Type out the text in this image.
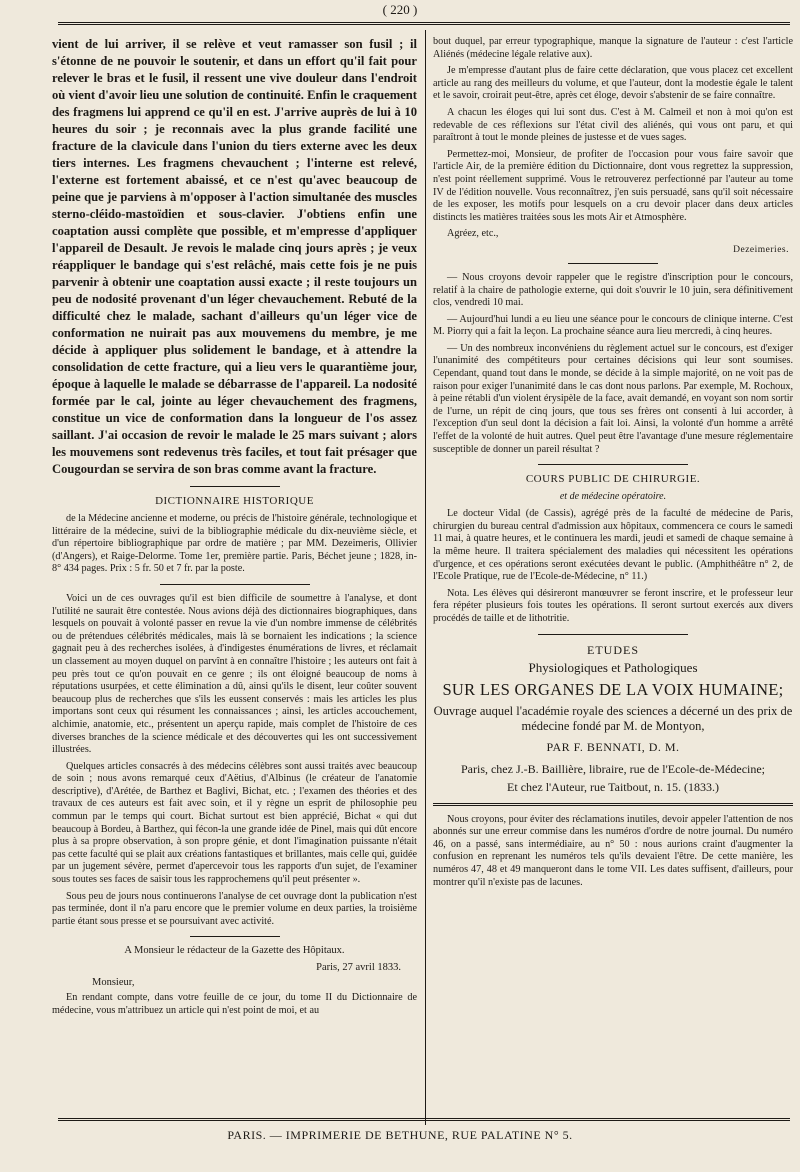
( 220 )

vient de lui arriver, il se relève et veut ramasser son fusil ; il s'étonne de ne pouvoir le soutenir, et dans un effort qu'il fait pour relever le bras et le fusil, il ressent une vive douleur dans l'endroit où vient d'avoir lieu une solution de continuité. Enfin le craquement des fragmens lui apprend ce qu'il en est. J'arrive auprès de lui à 10 heures du soir ; je reconnais avec la plus grande facilité une fracture de la clavicule dans l'union du tiers externe avec les deux tiers internes. Les fragmens chevauchent ; l'interne est relevé, l'externe est fortement abaissé, et ce n'est qu'avec beaucoup de peine que je parviens à m'opposer à l'action simultanée des muscles sterno-cléido-mastoïdien et sous-clavier. J'obtiens enfin une coaptation aussi complète que possible, et m'empresse d'appliquer l'appareil de Desault. Je revois le malade cinq jours après ; je veux réappliquer le bandage qui s'est relâché, mais cette fois je ne puis parvenir à obtenir une coaptation aussi exacte ; il reste toujours un peu de nodosité provenant d'un léger chevauchement. Rebuté de la difficulté chez le malade, sachant d'ailleurs qu'un léger vice de conformation ne nuirait pas aux mouvemens du membre, je me décide à appliquer plus solidement le bandage, et à attendre la consolidation de cette fracture, qui a lieu vers le quarantième jour, époque à laquelle le malade se débarrasse de l'appareil. La nodosité formée par le cal, jointe au léger chevauchement des fragmens, constitue un vice de conformation dans la longueur de l'os assez saillant. J'ai occasion de revoir le malade le 25 mars suivant ; alors les mouvemens sont redevenus très faciles, et tout fait présager que Cougourdan se servira de son bras comme avant la fracture.

DICTIONNAIRE HISTORIQUE

de la Médecine ancienne et moderne, ou précis de l'histoire générale, technologique et littéraire de la médecine, suivi de la bibliographie médicale du dix-neuvième siècle, et d'un répertoire bibliographique par ordre de matière ; par MM. Dezeimeris, Ollivier (d'Angers), et Raige-Delorme. Tome 1er, première partie. Paris, Béchet jeune ; 1828, in-8° 434 pages. Prix : 5 fr. 50 et 7 fr. par la poste.

Voici un de ces ouvrages qu'il est bien difficile de soumettre à l'analyse, et dont l'utilité ne saurait être contestée. Nous avions déjà des dictionnaires biographiques, dans lesquels on pouvait à volonté passer en revue la vie d'un nombre immense de célébrités ou de prétendues célébrités médicales, mais là se bornaient les indications ; la science gagnait peu à des recherches isolées, à d'indigestes énumérations de livres, et réclamait un classement au moyen duquel on parvînt à en connaître l'histoire ; les auteurs ont fait à peu près tout ce qu'on pouvait en ce genre ; ils ont éloigné beaucoup de noms à réputations usurpées, et cette élimination a dû, ainsi qu'ils le disent, leur coûter souvent beaucoup plus de recherches que s'ils les eussent conservés : mais les articles les plus importans sont ceux qui résument les connaissances ; ainsi, les articles accouchement, alchimie, anatomie, etc., présentent un aperçu rapide, mais complet de l'histoire de ces diverses branches de la science médicale et des découvertes qui les ont successivement illustrées.

Quelques articles consacrés à des médecins célèbres sont aussi traités avec beaucoup de soin ; nous avons remarqué ceux d'Aëtius, d'Albinus (le créateur de l'anatomie descriptive), d'Arétée, de Barthez et Baglivi, Bichat, etc. ; l'examen des théories et des travaux de ces auteurs est fait avec soin, et il y règne un esprit de philosophie peu commun par le temps qui court. Bichat surtout est bien apprécié, Bichat « qui dut beaucoup à Bordeu, à Barthez, qui fécon-la une grande idée de Pinel, mais qui dût encore plus à sa propre observation, à son propre génie, et dont l'imagination puissante n'était pas cette faculté qui se plait aux créations fantastiques et brillantes, mais celle qui, guidée par un jugement sévère, permet d'apercevoir tous les rapports d'un sujet, de l'examiner sous toutes ses faces de saisir tous les rapprochemens qu'il peut présenter ».

Sous peu de jours nous continuerons l'analyse de cet ouvrage dont la publication n'est pas terminée, dont il n'a paru encore que le premier volume en deux parties, la troisième partie étant sous presse et se poursuivant avec activité.

A Monsieur le rédacteur de la Gazette des Hôpitaux.
Paris, 27 avril 1833.
Monsieur,

En rendant compte, dans votre feuille de ce jour, du tome II du Dictionnaire de médecine, vous m'attribuez un article qui n'est point de moi, et au

bout duquel, par erreur typographique, manque la signature de l'auteur : c'est l'article Aliénés (médecine légale relative aux).

Je m'empresse d'autant plus de faire cette déclaration, que vous placez cet excellent article au rang des meilleurs du volume, et que l'auteur, dont la modestie égale le talent et le savoir, croirait peut-être, après cet éloge, devoir s'abstenir de se faire connaître.

A chacun les éloges qui lui sont dus. C'est à M. Calmeil et non à moi qu'on est redevable de ces réflexions sur l'état civil des aliénés, qui vous ont paru, et qui paraîtront à tout le monde pleines de justesse et de vues sages.

Permettez-moi, Monsieur, de profiter de l'occasion pour vous faire savoir que l'article Air, de la première édition du Dictionnaire, dont vous regrettez la suppression, n'est point réellement supprimé. Vous le retrouverez perfectionné par l'auteur au tome IV de l'édition nouvelle. Vous reconnaîtrez, j'en suis persuadé, sans qu'il soit nécessaire de les exposer, les motifs pour lesquels on a cru devoir placer dans deux articles distincts les matières traitées sous les mots Air et Atmosphère.

Agréez, etc.,

Dezeimeries.

— Nous croyons devoir rappeler que le registre d'inscription pour le concours, relatif à la chaire de pathologie externe, qui doit s'ouvrir le 10 juin, sera définitivement clos, vendredi 10 mai.

— Aujourd'hui lundi a eu lieu une séance pour le concours de clinique interne. C'est M. Piorry qui a fait la leçon. La prochaine séance aura lieu mercredi, à cinq heures.

— Un des nombreux inconvéniens du règlement actuel sur le concours, est d'exiger l'unanimité des compétiteurs pour certaines décisions qui leur sont soumises. Cependant, quand tout dans le monde, se décide à la simple majorité, on ne voit pas de raison pour exiger l'unanimité dans le cas dont nous parlons. Par exemple, M. Rochoux, à peine rétabli d'un violent érysipèle de la face, avait demandé, en voyant son nom sortir de l'urne, un répit de cinq jours, que tous ses frères ont consenti à lui accorder, à l'exception d'un seul dont la décision a fait loi. Ainsi, la volonté d'un homme a arrêté l'effet de la volonté de huit autres. Quel peut être l'avantage d'une mesure réglementaire susceptible de donner un pareil résultat ?

COURS PUBLIC DE CHIRURGIE.
et de médecine opératoire.

Le docteur Vidal (de Cassis), agrégé près de la faculté de médecine de Paris, chirurgien du bureau central d'admission aux hôpitaux, commencera ce cours le samedi 11 mai, à quatre heures, et le continuera les mardi, jeudi et samedi de chaque semaine à la même heure. Il traitera spécialement des maladies qui nécessitent les opérations d'urgence, et ces opérations seront exécutées devant le public. (Amphithéâtre n° 2, de l'Ecole Pratique, rue de l'Ecole-de-Médecine, n° 11.)

Nota. Les élèves qui désireront manœuvrer se feront inscrire, et le professeur leur fera répéter plusieurs fois toutes les opérations. Il seront surtout exercés aux divers procédés de taille et de lithotritie.

ETUDES
Physiologiques et Pathologiques
SUR LES ORGANES DE LA VOIX HUMAINE;
Ouvrage auquel l'académie royale des sciences a décerné un des prix de médecine fondé par M. de Montyon,
PAR F. BENNATI, D. M.
Paris, chez J.-B. Baillière, libraire, rue de l'Ecole-de-Médecine;
Et chez l'Auteur, rue Taitbout, n. 15. (1833.)

Nous croyons, pour éviter des réclamations inutiles, devoir appeler l'attention de nos abonnés sur une erreur commise dans les numéros d'ordre de notre journal. Du numéro 46, on a passé, sans intermédiaire, au n° 50 : nous aurions craint d'augmenter la confusion en reprenant les numéros tels qu'ils devaient l'être. De cette manière, les numéros 47, 48 et 49 manqueront dans le tome VII. Les dates suffisent, d'ailleurs, pour montrer qu'il n'existe pas de lacunes.

PARIS. — IMPRIMERIE DE BETHUNE, RUE PALATINE N° 5.
